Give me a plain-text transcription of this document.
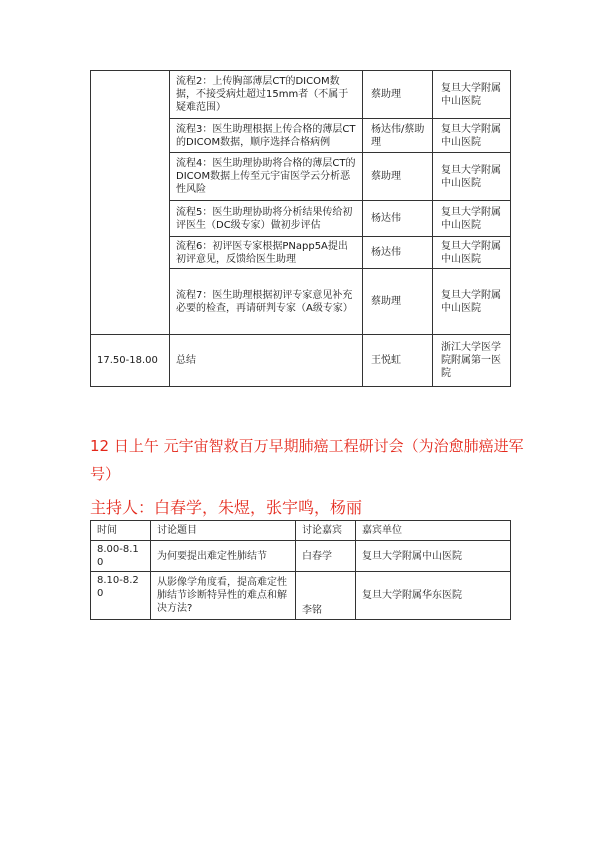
	流程2：上传胸部薄层CT的DICOM数据，不接受病灶超过15mm者（不属于疑难范围）	蔡助理	复旦大学附属中山医院
	流程3：医生助理根据上传合格的薄层CT的DICOM数据，顺序选择合格病例	杨达伟/蔡助理	复旦大学附属中山医院
	流程4：医生助理协助将合格的薄层CT的DICOM数据上传至元宇宙医学云分析恶性风险	蔡助理	复旦大学附属中山医院
	流程5：医生助理协助将分析结果传给初评医生（DC级专家）做初步评估	杨达伟	复旦大学附属中山医院
	流程6：初评医专家根据PNapp5A提出初评意见，反馈给医生助理	杨达伟	复旦大学附属中山医院
	流程7：医生助理根据初评专家意见补充必要的检查，再请研判专家（A级专家）	蔡助理	复旦大学附属中山医院
17.50-18.00	总结	王悦虹	浙江大学医学院附属第一医院
12 日上午 元宇宙智救百万早期肺癌工程研讨会（为治愈肺癌进军号）
主持人：白春学，朱煜，张宇鸣，杨丽
时间	讨论题目	讨论嘉宾	嘉宾单位
8.00-8.10	为何要提出难定性肺结节	白春学	复旦大学附属中山医院
8.10-8.20	从影像学角度看，提高难定性肺结节诊断特异性的难点和解决方法?	李铭	复旦大学附属华东医院
